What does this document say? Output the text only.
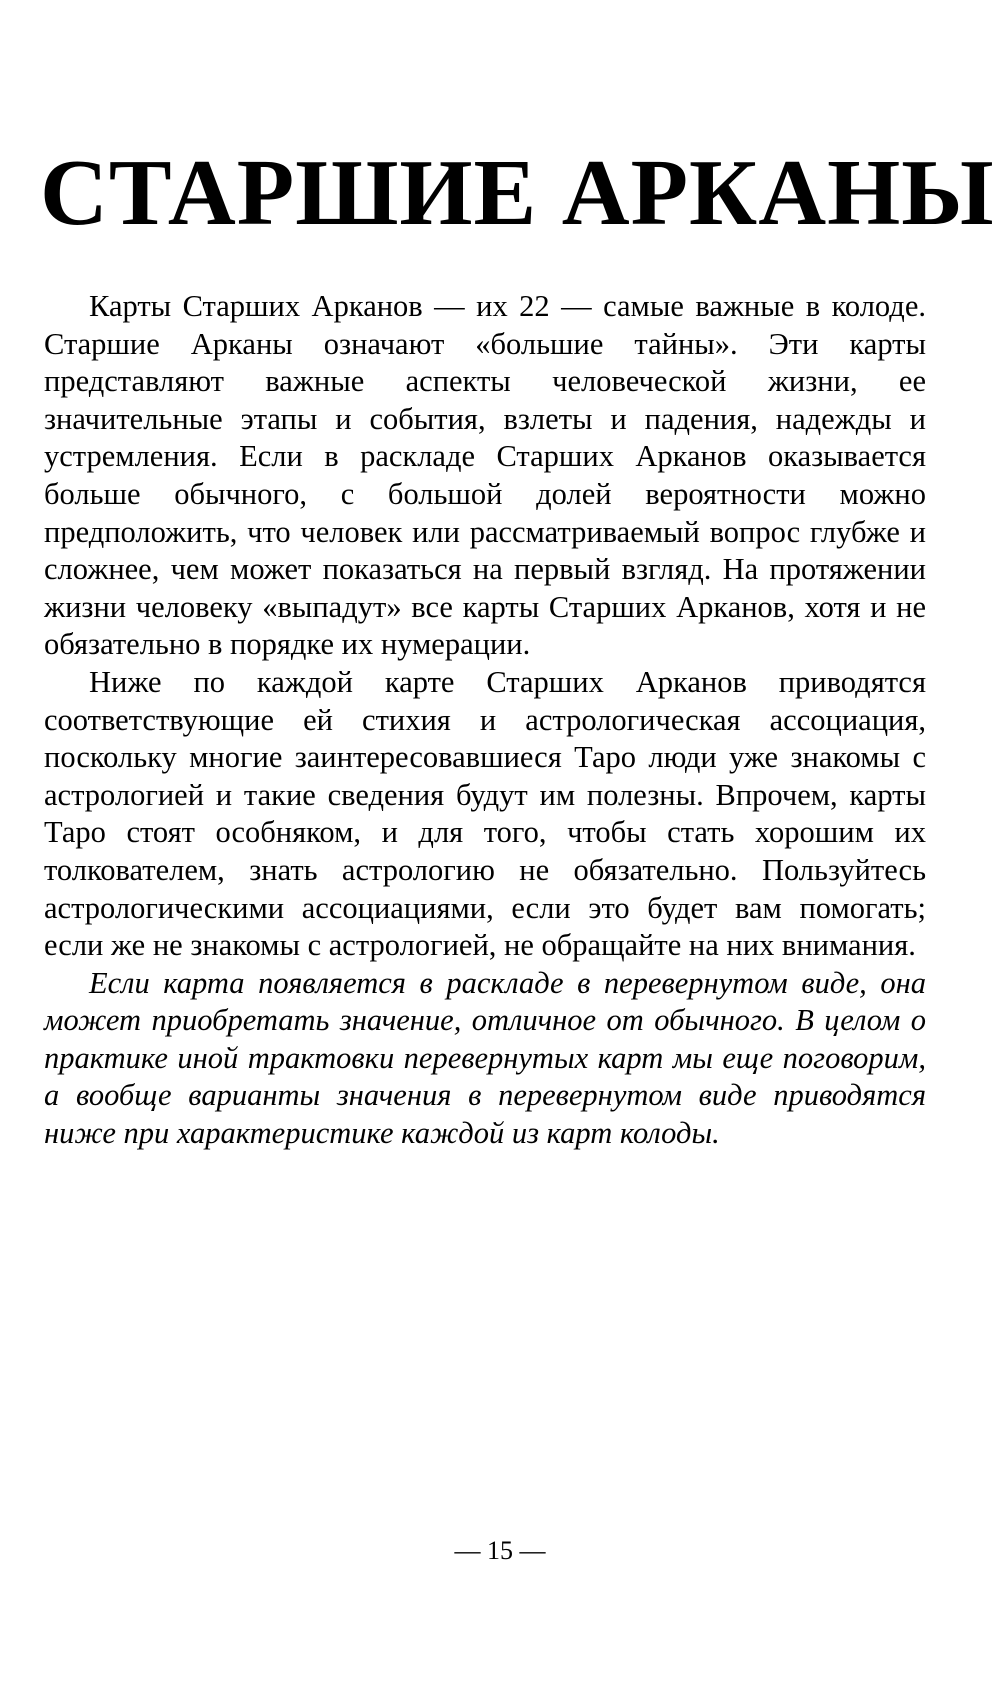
СТАРШИЕ АРКАНЫ

Карты Старших Арканов — их 22 — самые важные в колоде. Старшие Арканы означают «большие тайны». Эти карты представляют важные аспекты человеческой жизни, ее значительные этапы и события, взлеты и падения, надежды и устремления. Если в раскладе Старших Арканов оказывается больше обычного, с большой долей вероятности можно предположить, что человек или рассматриваемый вопрос глубже и сложнее, чем может показаться на первый взгляд. На протяжении жизни человеку «выпадут» все карты Старших Арканов, хотя и не обязательно в порядке их нумерации.

Ниже по каждой карте Старших Арканов приводятся соответствующие ей стихия и астрологическая ассоциация, поскольку многие заинтересовавшиеся Таро люди уже знакомы с астрологией и такие сведения будут им полезны. Впрочем, карты Таро стоят особняком, и для того, чтобы стать хорошим их толкователем, знать астрологию не обязательно. Пользуйтесь астрологическими ассоциациями, если это будет вам помогать; если же не знакомы с астрологией, не обращайте на них внимания.

Если карта появляется в раскладе в перевернутом виде, она может приобретать значение, отличное от обычного. В целом о практике иной трактовки перевернутых карт мы еще поговорим, а вообще варианты значения в перевернутом виде приводятся ниже при характеристике каждой из карт колоды.

— 15 —
